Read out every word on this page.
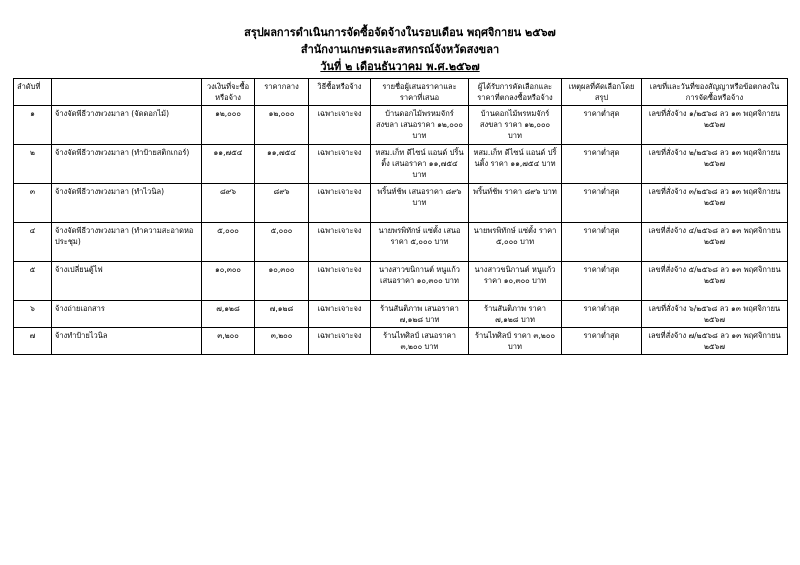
สรุปผลการดำเนินการจัดซื้อจัดจ้างในรอบเดือน พฤศจิกายน ๒๕๖๗
สำนักงานเกษตรและสหกรณ์จังหวัดสงขลา
วันที่ ๒ เดือนธันวาคม พ.ศ.๒๕๖๗
ลำดับที่		วงเงินที่จะซื้อหรือจ้าง	ราคากลาง	วิธีซื้อหรือจ้าง	รายชื่อผู้เสนอราคาและราคาที่เสนอ	ผู้ได้รับการคัดเลือกและราคาที่ตกลงซื้อหรือจ้าง	เหตุผลที่คัดเลือกโดยสรุป	เลขที่และวันที่ของสัญญาหรือข้อตกลงในการจัดซื้อหรือจ้าง
๑	จ้างจัดพีธีวางพวงมาลา (จัดดอกไม้)	๑๒,๐๐๐	๑๒,๐๐๐	เฉพาะเจาะจง	บ้านดอกไม้พรหมจักร์ สงขลา เสนอราคา ๑๒,๐๐๐ บาท	บ้านดอกไม้พรหมจักร์ สงขลา ราคา ๑๒,๐๐๐ บาท	ราคาต่ำสุด	เลขที่สั่งจ้าง ๑/๒๕๖๘ ลว ๑๓ พฤศจิกายน ๒๕๖๗
๒	จ้างจัดพีธีวางพวงมาลา (ทำป้ายสติกเกอร์)	๑๑,๗๕๔	๑๑,๗๕๔	เฉพาะเจาะจง	หสม.เก็ท ดีไซน์ แอนด์ ปริ้นติ้ง เสนอราคา ๑๑,๗๕๔ บาท	หสม.เก็ท ดีไซน์ แอนด์ ปริ้นติ้ง ราคา ๑๑,๗๕๔ บาท	ราคาต่ำสุด	เลขที่สั่งจ้าง ๒/๒๕๖๘ ลว ๑๓ พฤศจิกายน ๒๕๖๗
๓	จ้างจัดพีธีวางพวงมาลา (ทำไวนิล)	๘๙๖	๘๙๖	เฉพาะเจาะจง	พริ้นท์ช้พ เสนอราคา ๘๙๖ บาท	พริ้นท์ช้พ ราคา ๘๙๖ บาท	ราคาต่ำสุด	เลขที่สั่งจ้าง ๓/๒๕๖๘ ลว ๑๓ พฤศจิกายน ๒๕๖๗
๔	จ้างจัดพีธีวางพวงมาลา (ทำความสะอาดหอประชุม)	๕,๐๐๐	๕,๐๐๐	เฉพาะเจาะจง	นายพรพิทักษ์ แซ่ตั้ง เสนอราคา ๕,๐๐๐ บาท	นายพรพิทักษ์ แซ่ตั้ง ราคา ๕,๐๐๐ บาท	ราคาต่ำสุด	เลขที่สั่งจ้าง ๔/๒๕๖๘ ลว ๑๓ พฤศจิกายน ๒๕๖๗
๕	จ้างเปลี่ยนตู้ไฟ	๑๐,๓๐๐	๑๐,๓๐๐	เฉพาะเจาะจง	นางสาวขนิกานต์ หนูแก้ว เสนอราคา ๑๐,๓๐๐ บาท	นางสาวขนิกานต์ หนูแก้ว ราคา ๑๐,๓๐๐ บาท	ราคาต่ำสุด	เลขที่สั่งจ้าง ๕/๒๕๖๘ ลว ๑๓ พฤศจิกายน ๒๕๖๗
๖	จ้างถ่ายเอกสาร	๗,๑๒๘	๗,๑๒๘	เฉพาะเจาะจง	ร้านสันติภาพ เสนอราคา ๗,๑๒๘ บาท	ร้านสันติภาพ ราคา ๗,๑๒๘ บาท	ราคาต่ำสุด	เลขที่สั่งจ้าง ๖/๒๕๖๘ ลว ๑๓ พฤศจิกายน ๒๕๖๗
๗	จ้างทำป้ายไวนิล	๓,๒๐๐	๓,๒๐๐	เฉพาะเจาะจง	ร้านไทศิลป์ เสนอราคา ๓,๒๐๐ บาท	ร้านไทศิลป์ ราคา ๓,๒๐๐ บาท	ราคาต่ำสุด	เลขที่สั่งจ้าง ๗/๒๕๖๘ ลว ๑๓ พฤศจิกายน ๒๕๖๗
